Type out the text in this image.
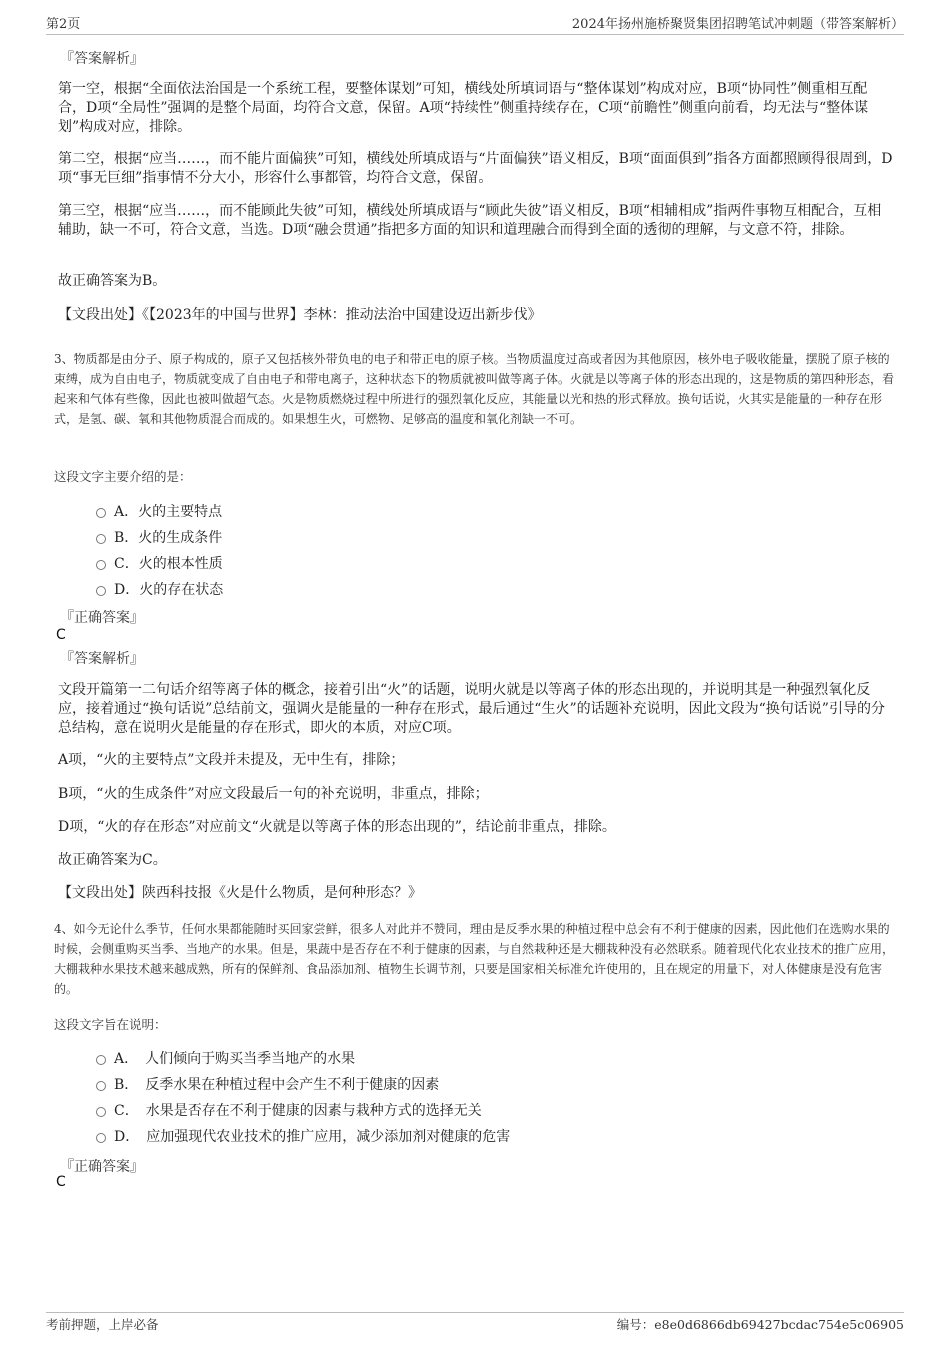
第2页	2024年扬州施桥聚贤集团招聘笔试冲刺题（带答案解析）
『答案解析』
第一空，根据“全面依法治国是一个系统工程，要整体谋划”可知，横线处所填词语与“整体谋划”构成对应，B项“协同性”侧重相互配合，D项“全局性”强调的是整个局面，均符合文意，保留。A项“持续性”侧重持续存在，C项“前瞻性”侧重向前看，均无法与“整体谋划”构成对应，排除。
第二空，根据“应当……，而不能片面偏狭”可知，横线处所填成语与“片面偏狭”语义相反，B项“面面俱到”指各方面都照顾得很周到，D项“事无巨细”指事情不分大小，形容什么事都管，均符合文意，保留。
第三空，根据“应当……，而不能顾此失彼”可知，横线处所填成语与“顾此失彼”语义相反，B项“相辅相成”指两件事物互相配合，互相辅助，缺一不可，符合文意，当选。D项“融会贯通”指把多方面的知识和道理融合而得到全面的透彻的理解，与文意不符，排除。
故正确答案为B。
【文段出处】《【2023年的中国与世界】李林：推动法治中国建设迈出新步伐》
3、物质都是由分子、原子构成的，原子又包括核外带负电的电子和带正电的原子核。当物质温度过高或者因为其他原因，核外电子吸收能量，摆脱了原子核的束缚，成为自由电子，物质就变成了自由电子和带电离子，这种状态下的物质就被叫做等离子体。火就是以等离子体的形态出现的，这是物质的第四种形态，看起来和气体有些像，因此也被叫做超气态。火是物质燃烧过程中所进行的强烈氧化反应，其能量以光和热的形式释放。换句话说，火其实是能量的一种存在形式，是氢、碳、氧和其他物质混合而成的。如果想生火，可燃物、足够高的温度和氧化剂缺一不可。
这段文字主要介绍的是：
A．火的主要特点
B．火的生成条件
C．火的根本性质
D．火的存在状态
『正确答案』
C
『答案解析』
文段开篇第一二句话介绍等离子体的概念，接着引出“火”的话题，说明火就是以等离子体的形态出现的，并说明其是一种强烈氧化反应，接着通过“换句话说”总结前文，强调火是能量的一种存在形式，最后通过“生火”的话题补充说明，因此文段为“换句话说”引导的分总结构，意在说明火是能量的存在形式，即火的本质，对应C项。
A项，“火的主要特点”文段并未提及，无中生有，排除；
B项，“火的生成条件”对应文段最后一句的补充说明，非重点，排除；
D项，“火的存在形态”对应前文“火就是以等离子体的形态出现的”，结论前非重点，排除。
故正确答案为C。
【文段出处】陕西科技报《火是什么物质，是何种形态？》
4、如今无论什么季节，任何水果都能随时买回家尝鲜，很多人对此并不赞同，理由是反季水果的种植过程中总会有不利于健康的因素，因此他们在选购水果的时候，会侧重购买当季、当地产的水果。但是，果蔬中是否存在不利于健康的因素，与自然栽种还是大棚栽种没有必然联系。随着现代化农业技术的推广应用，大棚栽种水果技术越来越成熟，所有的保鲜剂、食品添加剂、植物生长调节剂，只要是国家相关标准允许使用的，且在规定的用量下，对人体健康是没有危害的。
这段文字旨在说明：
A．　人们倾向于购买当季当地产的水果
B．　反季水果在种植过程中会产生不利于健康的因素
C．　水果是否存在不利于健康的因素与栽种方式的选择无关
D．　应加强现代农业技术的推广应用，减少添加剂对健康的危害
『正确答案』
C
考前押题，上岸必备	编号：e8e0d6866db69427bcdac754e5c06905
